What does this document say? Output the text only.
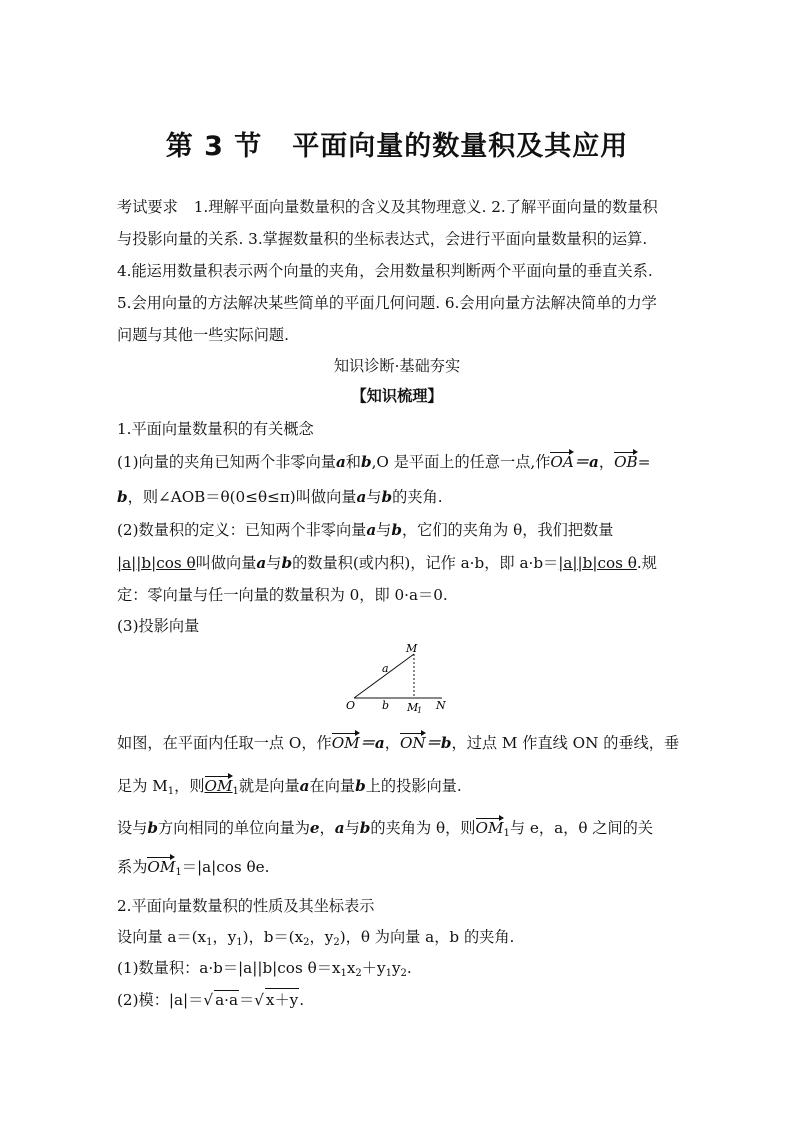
第 3 节 平面向量的数量积及其应用
考试要求 1.理解平面向量数量积的含义及其物理意义. 2.了解平面向量的数量积
与投影向量的关系. 3.掌握数量积的坐标表达式，会进行平面向量数量积的运算.
4.能运用数量积表示两个向量的夹角，会用数量积判断两个平面向量的垂直关系.
5.会用向量的方法解决某些简单的平面几何问题. 6.会用向量方法解决简单的力学
问题与其他一些实际问题.
知识诊断·基础夯实
【知识梳理】
1.平面向量数量积的有关概念
(1)向量的夹角已知两个非零向量a和b,O 是平面上的任意一点,作OA＝a，OB=
b，则∠AOB＝θ(0≤θ≤π)叫做向量a与b的夹角.
(2)数量积的定义：已知两个非零向量a与b，它们的夹角为 θ，我们把数量
|a||b|cos θ叫做向量a与b的数量积(或内积)，记作 a·b，即 a·b＝|a||b|cos θ.规
定：零向量与任一向量的数量积为 0，即 0·a＝0.
(3)投影向量
O
M
N
a
b M
1
如图，在平面内任取一点 O，作OM＝a，ON＝b，过点 M 作直线 ON 的垂线，垂
足为 $M_1$，则$OM_1$就是向量a在向量b上的投影向量.
设与b方向相同的单位向量为e，a与b的夹角为 θ，则$OM_1$与 e，a，θ 之间的关
系为$OM_1=|a|\cos$ θe.
2.平面向量数量积的性质及其坐标表示
设向量 $a=(x_1$，$y_1$)，$b=(x_2$，$y_2$)，θ 为向量 a，b 的夹角.
(1)数量积：a·b＝|a||b|cos $\theta=x_1x_2+y_1y_2$.
(2)模：|a|＝√ a·a＝√ x＋y.
